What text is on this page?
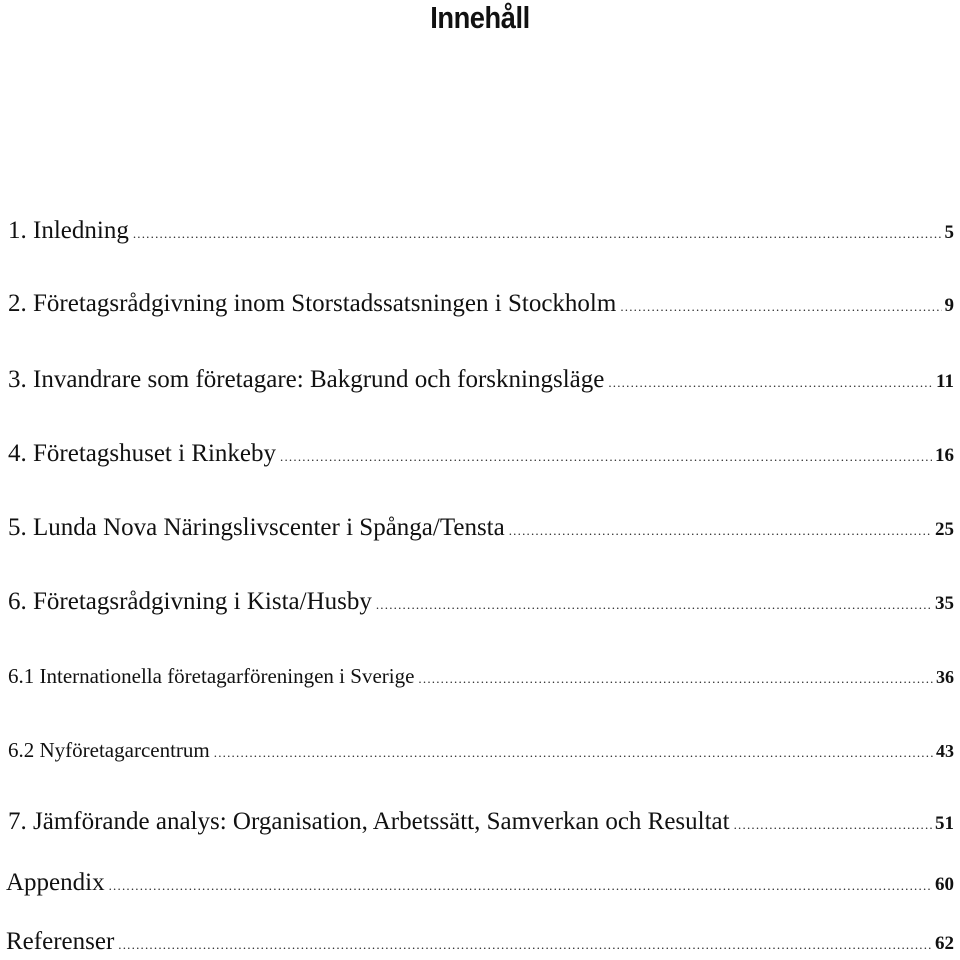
Innehåll
1. Inledning .....	5
2. Företagsrådgivning inom Storstadssatsningen i Stockholm .....	9
3. Invandrare som företagare: Bakgrund och forskningsläge .....	11
4. Företagshuset i Rinkeby .....	16
5. Lunda Nova Näringslivscenter i Spånga/Tensta .....	25
6. Företagsrådgivning i Kista/Husby .....	35
6.1 Internationella företagarföreningen i Sverige .....	36
6.2 Nyföretagarcentrum .....	43
7. Jämförande analys: Organisation, Arbetssätt, Samverkan och Resultat .....	51
Appendix .....	60
Referenser .....	62
